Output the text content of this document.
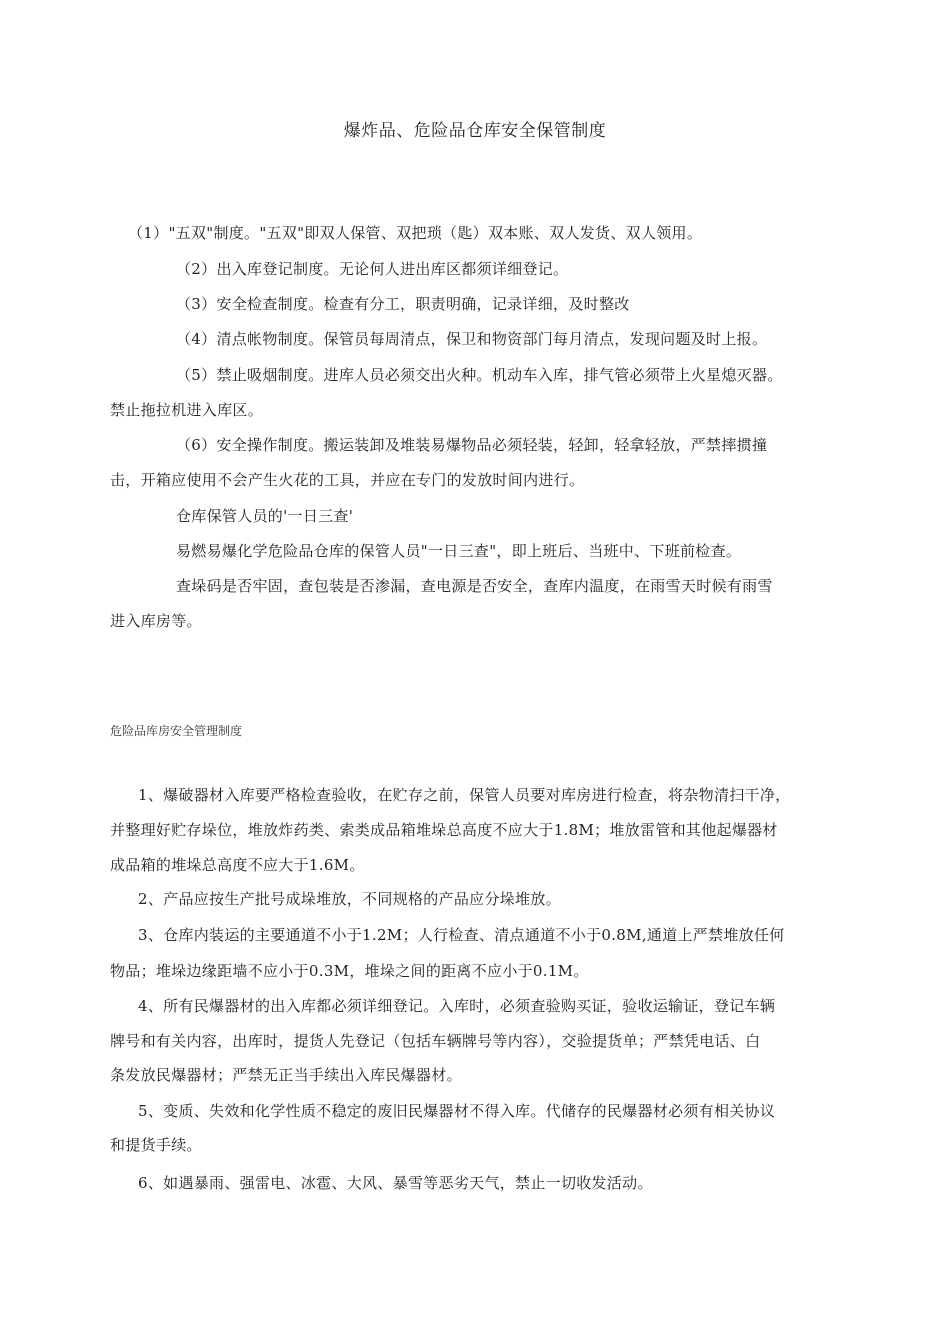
爆炸品、危险品仓库安全保管制度
（1）"五双"制度。"五双"即双人保管、双把琐（匙）双本账、双人发货、双人领用。
（2）出入库登记制度。无论何人进出库区都须详细登记。
（3）安全检查制度。检查有分工，职责明确，记录详细，及时整改
（4）清点帐物制度。保管员每周清点，保卫和物资部门每月清点，发现问题及时上报。
（5）禁止吸烟制度。进库人员必须交出火种。机动车入库，排气管必须带上火星熄灭器。
禁止拖拉机进入库区。
（6）安全操作制度。搬运装卸及堆装易爆物品必须轻装，轻卸，轻拿轻放，严禁摔掼撞
击，开箱应使用不会产生火花的工具，并应在专门的发放时间内进行。
仓库保管人员的'一日三查'
易燃易爆化学危险品仓库的保管人员"一日三查"，即上班后、当班中、下班前检查。
查垛码是否牢固，查包装是否渗漏，查电源是否安全，查库内温度，在雨雪天时候有雨雪
进入库房等。
危险品库房安全管理制度
1、爆破器材入库要严格检查验收，在贮存之前，保管人员要对库房进行检查，将杂物清扫干净，
并整理好贮存垛位，堆放炸药类、索类成品箱堆垛总高度不应大于1.8M；堆放雷管和其他起爆器材
成品箱的堆垛总高度不应大于1.6M。
2、产品应按生产批号成垛堆放，不同规格的产品应分垛堆放。
3、仓库内装运的主要通道不小于1.2M；人行检查、清点通道不小于0.8M,通道上严禁堆放任何
物品；堆垛边缘距墙不应小于0.3M，堆垛之间的距离不应小于0.1M。
4、所有民爆器材的出入库都必须详细登记。入库时，必须查验购买证，验收运输证，登记车辆
牌号和有关内容，出库时，提货人先登记（包括车辆牌号等内容），交验提货单；严禁凭电话、白
条发放民爆器材；严禁无正当手续出入库民爆器材。
5、变质、失效和化学性质不稳定的废旧民爆器材不得入库。代储存的民爆器材必须有相关协议
和提货手续。
6、如遇暴雨、强雷电、冰雹、大风、暴雪等恶劣天气，禁止一切收发活动。
